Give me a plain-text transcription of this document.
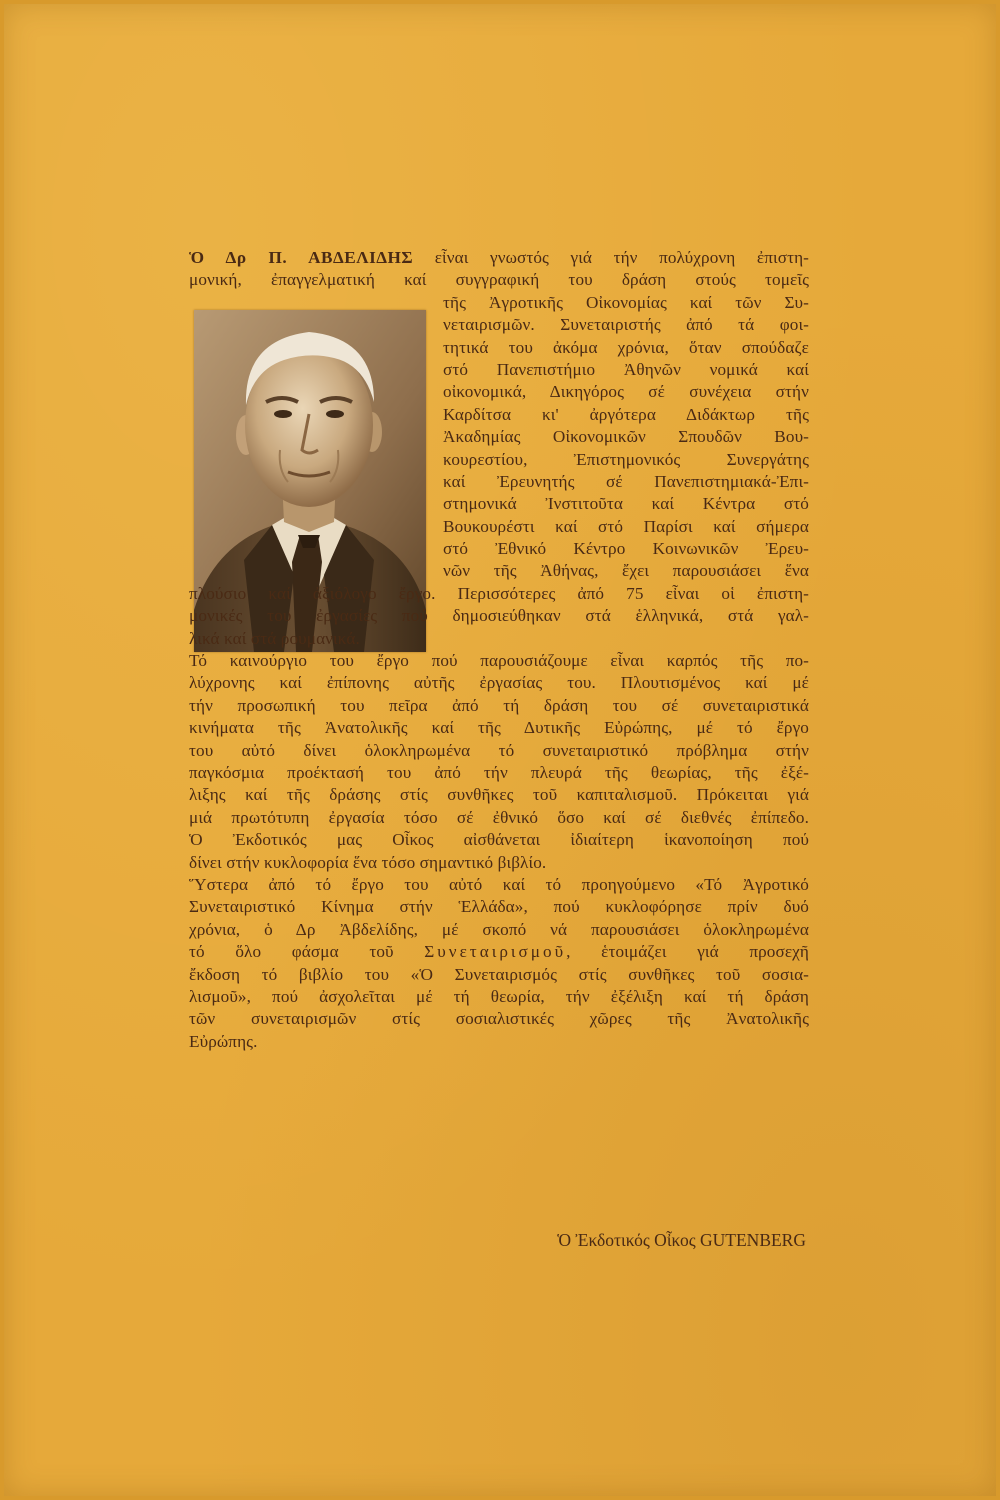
Ὁ Δρ Π. ΑΒΔΕΛΙΔΗΣ εἶναι γνωστός γιά τήν πολύχρονη ἐπιστη-
μονική, ἐπαγγελματική καί συγγραφική του δράση στούς τομεῖς
τῆς Ἀγροτικῆς Οἰκονομίας καί τῶν Συ-
νεταιρισμῶν. Συνεταιριστής ἀπό τά φοι-
τητικά του ἀκόμα χρόνια, ὅταν σπούδαζε
στό Πανεπιστήμιο Ἀθηνῶν νομικά καί
οἰκονομικά, Δικηγόρος σέ συνέχεια στήν
Καρδίτσα κι' ἀργότερα Διδάκτωρ τῆς
Ἀκαδημίας Οἰκονομικῶν Σπουδῶν Βου-
κουρεστίου, Ἐπιστημονικός Συνεργάτης
καί Ἐρευνητής σέ Πανεπιστημιακά-Ἐπι-
στημονικά Ἰνστιτοῦτα καί Κέντρα στό
Βουκουρέστι καί στό Παρίσι καί σήμερα
στό Ἐθνικό Κέντρο Κοινωνικῶν Ἐρευ-
νῶν τῆς Ἀθήνας, ἔχει παρουσιάσει ἕνα
πλούσιο καί ἀξιόλογο ἔργο. Περισσότερες ἀπό 75 εἶναι οἱ ἐπιστη-
μονικές του ἐργασίες πού δημοσιεύθηκαν στά ἑλληνικά, στά γαλ-
λικά καί στά ρουμανικά.
Τό καινούργιο του ἔργο πού παρουσιάζουμε εἶναι καρπός τῆς πο-
λύχρονης καί ἐπίπονης αὐτῆς ἐργασίας του. Πλουτισμένος καί μέ
τήν προσωπική του πεῖρα ἀπό τή δράση του σέ συνεταιριστικά
κινήματα τῆς Ἀνατολικῆς καί τῆς Δυτικῆς Εὐρώπης, μέ τό ἔργο
του αὐτό δίνει ὁλοκληρωμένα τό συνεταιριστικό πρόβλημα στήν
παγκόσμια προέκτασή του ἀπό τήν πλευρά τῆς θεωρίας, τῆς ἐξέ-
λιξης καί τῆς δράσης στίς συνθῆκες τοῦ καπιταλισμοῦ. Πρόκειται γιά
μιά πρωτότυπη ἐργασία τόσο σέ ἐθνικό ὅσο καί σέ διεθνές ἐπίπεδο.
Ὁ Ἐκδοτικός μας Οἶκος αἰσθάνεται ἰδιαίτερη ἱκανοποίηση πού
δίνει στήν κυκλοφορία ἕνα τόσο σημαντικό βιβλίο.
Ὕστερα ἀπό τό ἔργο του αὐτό καί τό προηγούμενο «Τό Ἀγροτικό
Συνεταιριστικό Κίνημα στήν Ἑλλάδα», πού κυκλοφόρησε πρίν δυό
χρόνια, ὁ Δρ Ἀβδελίδης, μέ σκοπό νά παρουσιάσει ὁλοκληρωμένα
τό ὅλο φάσμα τοῦ Συνεταιρισμοῦ, ἑτοιμάζει γιά προσεχῆ
ἔκδοση τό βιβλίο του «Ὁ Συνεταιρισμός στίς συνθῆκες τοῦ σοσια-
λισμοῦ», πού ἀσχολεῖται μέ τή θεωρία, τήν ἐξέλιξη καί τή δράση
τῶν συνεταιρισμῶν στίς σοσιαλιστικές χῶρες τῆς Ἀνατολικῆς
Εὐρώπης.
Ὁ Ἐκδοτικός Οἶκος GUTENBERG
